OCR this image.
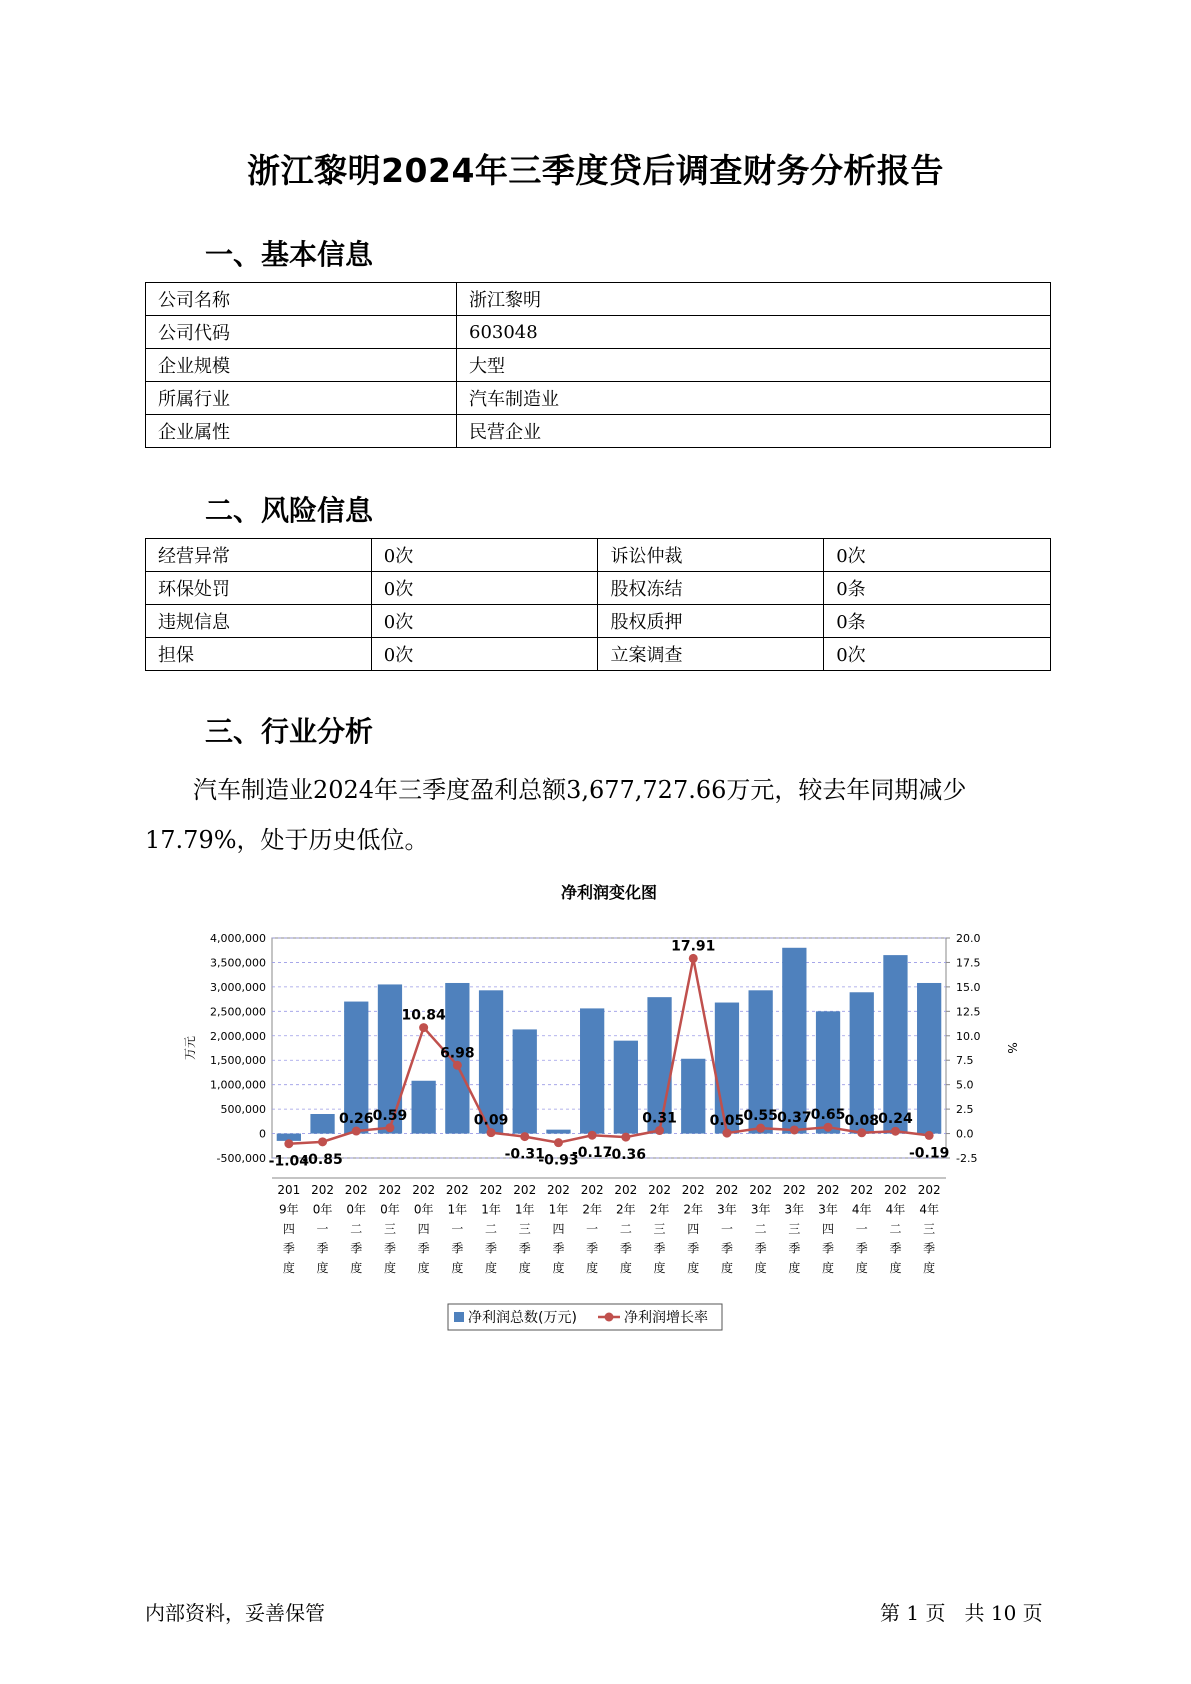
浙江黎明2024年三季度贷后调查财务分析报告
一、基本信息
公司名称	浙江黎明
公司代码	603048
企业规模	大型
所属行业	汽车制造业
企业属性	民营企业
二、风险信息
经营异常	0次	诉讼仲裁	0次
环保处罚	0次	股权冻结	0条
违规信息	0次	股权质押	0条
担保	0次	立案调查	0次
三、行业分析
汽车制造业2024年三季度盈利总额3,677,727.66万元，较去年同期减少17.79%，处于历史低位。
净利润变化图
4,000,000
3,500,000
3,000,000
2,500,000
2,000,000
1,500,000
1,000,000
500,000
0
-500,000
20.0
17.5
15.0
12.5
10.0
7.5
5.0
2.5
0.0
-2.5
万元	%
-1.04
-0.85
0.26 0.59
10.84
6.98
0.09
-0.31
-0.93
-0.17
-0.36
0.31
17.91
0.05 0.55 0.37 0.65 0.08 0.24
-0.19
201 9年四季度
202 0年一季度
202 0年二季度
202 0年三季度
202 0年四季度
202 1年一季度
202 1年二季度
202 1年三季度
202 1年四季度
202 2年一季度
202 2年二季度
202 2年三季度
202 2年四季度
202 3年一季度
202 3年二季度
202 3年三季度
202 3年四季度
202 4年一季度
202 4年二季度
202 4年三季度
净利润总数(万元)	净利润增长率
内部资料，妥善保管	第 1 页   共 10 页
